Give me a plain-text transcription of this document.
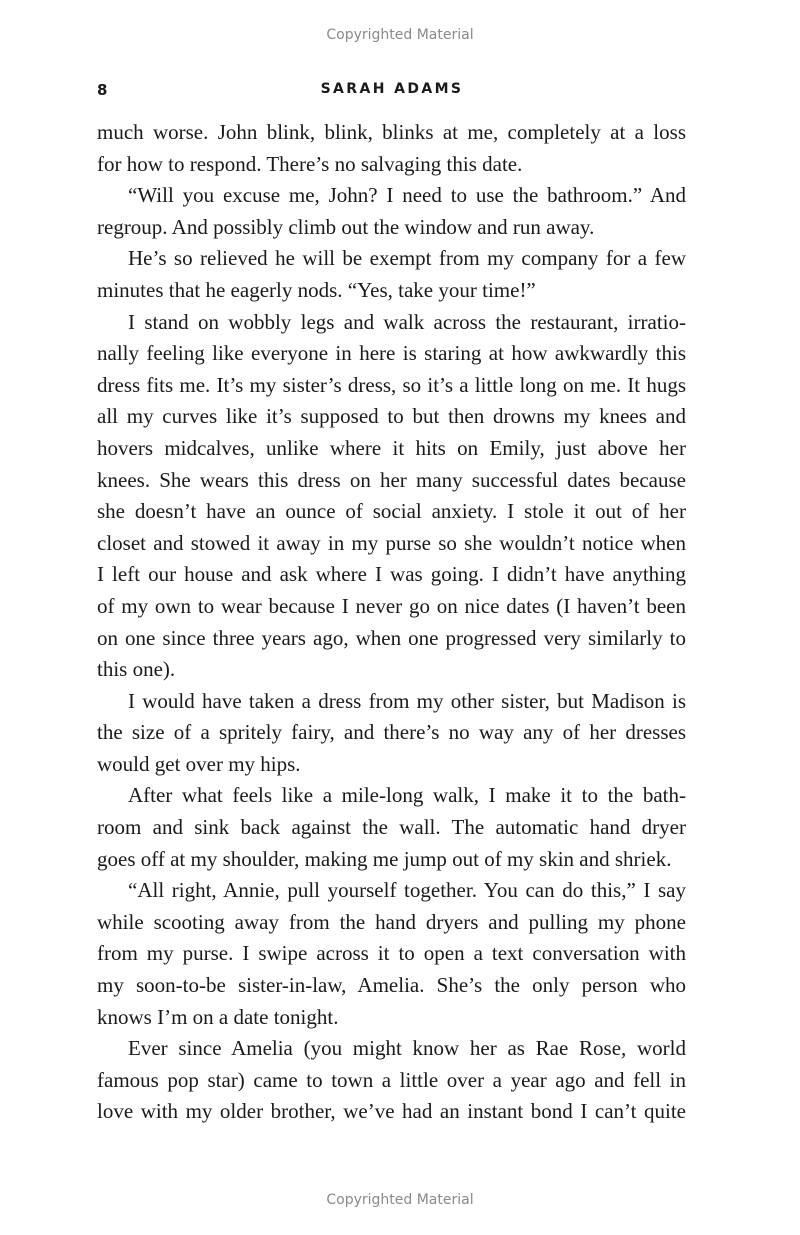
Copyrighted Material
8	SARAH ADAMS
much worse. John blink, blink, blinks at me, completely at a loss
for how to respond. There’s no salvaging this date.
“Will you excuse me, John? I need to use the bathroom.” And
regroup. And possibly climb out the window and run away.
He’s so relieved he will be exempt from my company for a few
minutes that he eagerly nods. “Yes, take your time!”
I stand on wobbly legs and walk across the restaurant, irratio-
nally feeling like everyone in here is staring at how awkwardly this
dress fits me. It’s my sister’s dress, so it’s a little long on me. It hugs
all my curves like it’s supposed to but then drowns my knees and
hovers midcalves, unlike where it hits on Emily, just above her
knees. She wears this dress on her many successful dates because
she doesn’t have an ounce of social anxiety. I stole it out of her
closet and stowed it away in my purse so she wouldn’t notice when
I left our house and ask where I was going. I didn’t have anything
of my own to wear because I never go on nice dates (I haven’t been
on one since three years ago, when one progressed very similarly to
this one).
I would have taken a dress from my other sister, but Madison is
the size of a spritely fairy, and there’s no way any of her dresses
would get over my hips.
After what feels like a mile-long walk, I make it to the bath-
room and sink back against the wall. The automatic hand dryer
goes off at my shoulder, making me jump out of my skin and shriek.
“All right, Annie, pull yourself together. You can do this,” I say
while scooting away from the hand dryers and pulling my phone
from my purse. I swipe across it to open a text conversation with
my soon-to-be sister-in-law, Amelia. She’s the only person who
knows I’m on a date tonight.
Ever since Amelia (you might know her as Rae Rose, world
famous pop star) came to town a little over a year ago and fell in
love with my older brother, we’ve had an instant bond I can’t quite
Copyrighted Material
